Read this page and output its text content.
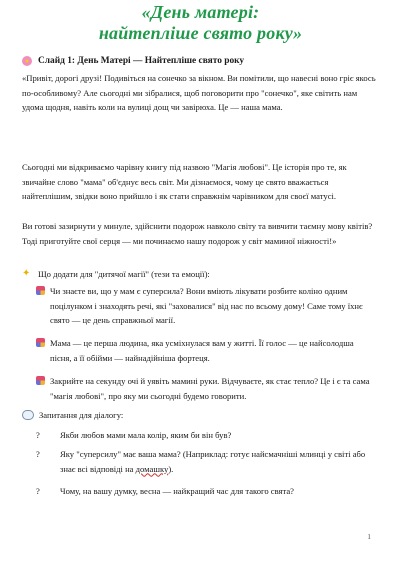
«День матері:
найтепліше свято року»
Слайд 1: День Матері — Найтепліше свято року
«Привіт, дорогі друзі! Подивіться на сонечко за вікном. Ви помітили, що навесні воно гріє якось по-особливому? Але сьогодні ми зібралися, щоб поговорити про "сонечко", яке світить нам удома щодня, навіть коли на вулиці дощ чи завірюха. Це — наша мама.
Сьогодні ми відкриваємо чарівну книгу під назвою "Магія любові". Це історія про те, як звичайне слово "мама" об'єднує весь світ. Ми дізнаємося, чому це свято вважається найтеплішим, звідки воно прийшло і як стати справжнім чарівником для своєї матусі.
Ви готові зазирнути у минуле, здійснити подорож навколо світу та вивчити таємну мову квітів? Тоді приготуйте свої серця — ми починаємо нашу подорож у світ маминої ніжності!»
✦ Що додати для "дитячої магії" (тези та емоції):
Чи знаєте ви, що у мам є суперсила? Вони вміють лікувати розбите коліно одним поцілунком і знаходять речі, які "заховалися" від нас по всьому дому! Саме тому їхнє свято — це день справжньої магії.
Мама — це перша людина, яка усміхнулася вам у житті. Її голос — це найсолодша пісня, а її обійми — найнадійніша фортеця.
Закрийте на секунду очі й уявіть мамині руки. Відчуваєте, як стає тепло? Це і є та сама "магія любові", про яку ми сьогодні будемо говорити.
Запитання для діалогу:
?	Якби любов мами мала колір, яким би він був?
?	Яку "суперсилу" має ваша мама? (Наприклад: готує найсмачніші млинці у світі або знає всі відповіді на домашку).
?	Чому, на вашу думку, весна — найкращий час для такого свята?
1
